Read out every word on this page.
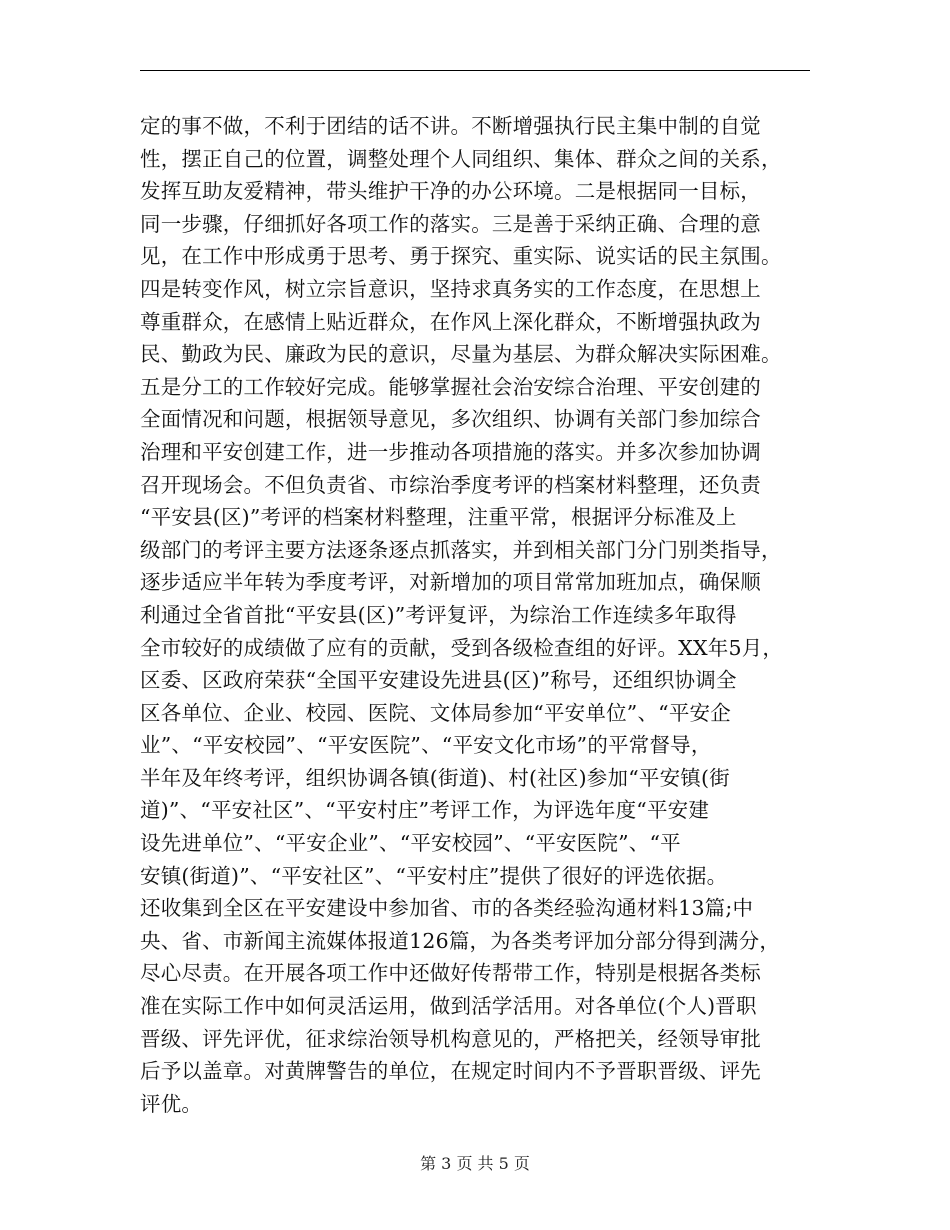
定的事不做，不利于团结的话不讲。不断增强执行民主集中制的自觉
性，摆正自己的位置，调整处理个人同组织、集体、群众之间的关系，
发挥互助友爱精神，带头维护干净的办公环境。二是根据同一目标，
同一步骤，仔细抓好各项工作的落实。三是善于采纳正确、合理的意
见，在工作中形成勇于思考、勇于探究、重实际、说实话的民主氛围。
四是转变作风，树立宗旨意识，坚持求真务实的工作态度，在思想上
尊重群众，在感情上贴近群众，在作风上深化群众，不断增强执政为
民、勤政为民、廉政为民的意识，尽量为基层、为群众解决实际困难。
五是分工的工作较好完成。能够掌握社会治安综合治理、平安创建的
全面情况和问题，根据领导意见，多次组织、协调有关部门参加综合
治理和平安创建工作，进一步推动各项措施的落实。并多次参加协调
召开现场会。不但负责省、市综治季度考评的档案材料整理，还负责
“平安县(区)”考评的档案材料整理，注重平常，根据评分标准及上
级部门的考评主要方法逐条逐点抓落实，并到相关部门分门别类指导，
逐步适应半年转为季度考评，对新增加的项目常常加班加点，确保顺
利通过全省首批“平安县(区)”考评复评，为综治工作连续多年取得
全市较好的成绩做了应有的贡献，受到各级检查组的好评。XX年5月，
区委、区政府荣获“全国平安建设先进县(区)”称号，还组织协调全
区各单位、企业、校园、医院、文体局参加“平安单位”、“平安企
业”、“平安校园”、“平安医院”、“平安文化市场”的平常督导，
半年及年终考评，组织协调各镇(街道)、村(社区)参加“平安镇(街
道)”、“平安社区”、“平安村庄”考评工作，为评选年度“平安建
设先进单位”、“平安企业”、“平安校园”、“平安医院”、“平
安镇(街道)”、“平安社区”、“平安村庄”提供了很好的评选依据。
还收集到全区在平安建设中参加省、市的各类经验沟通材料13篇;中
央、省、市新闻主流媒体报道126篇，为各类考评加分部分得到满分，
尽心尽责。在开展各项工作中还做好传帮带工作，特别是根据各类标
准在实际工作中如何灵活运用，做到活学活用。对各单位(个人)晋职
晋级、评先评优，征求综治领导机构意见的，严格把关，经领导审批
后予以盖章。对黄牌警告的单位，在规定时间内不予晋职晋级、评先
评优。
第 3 页 共 5 页
